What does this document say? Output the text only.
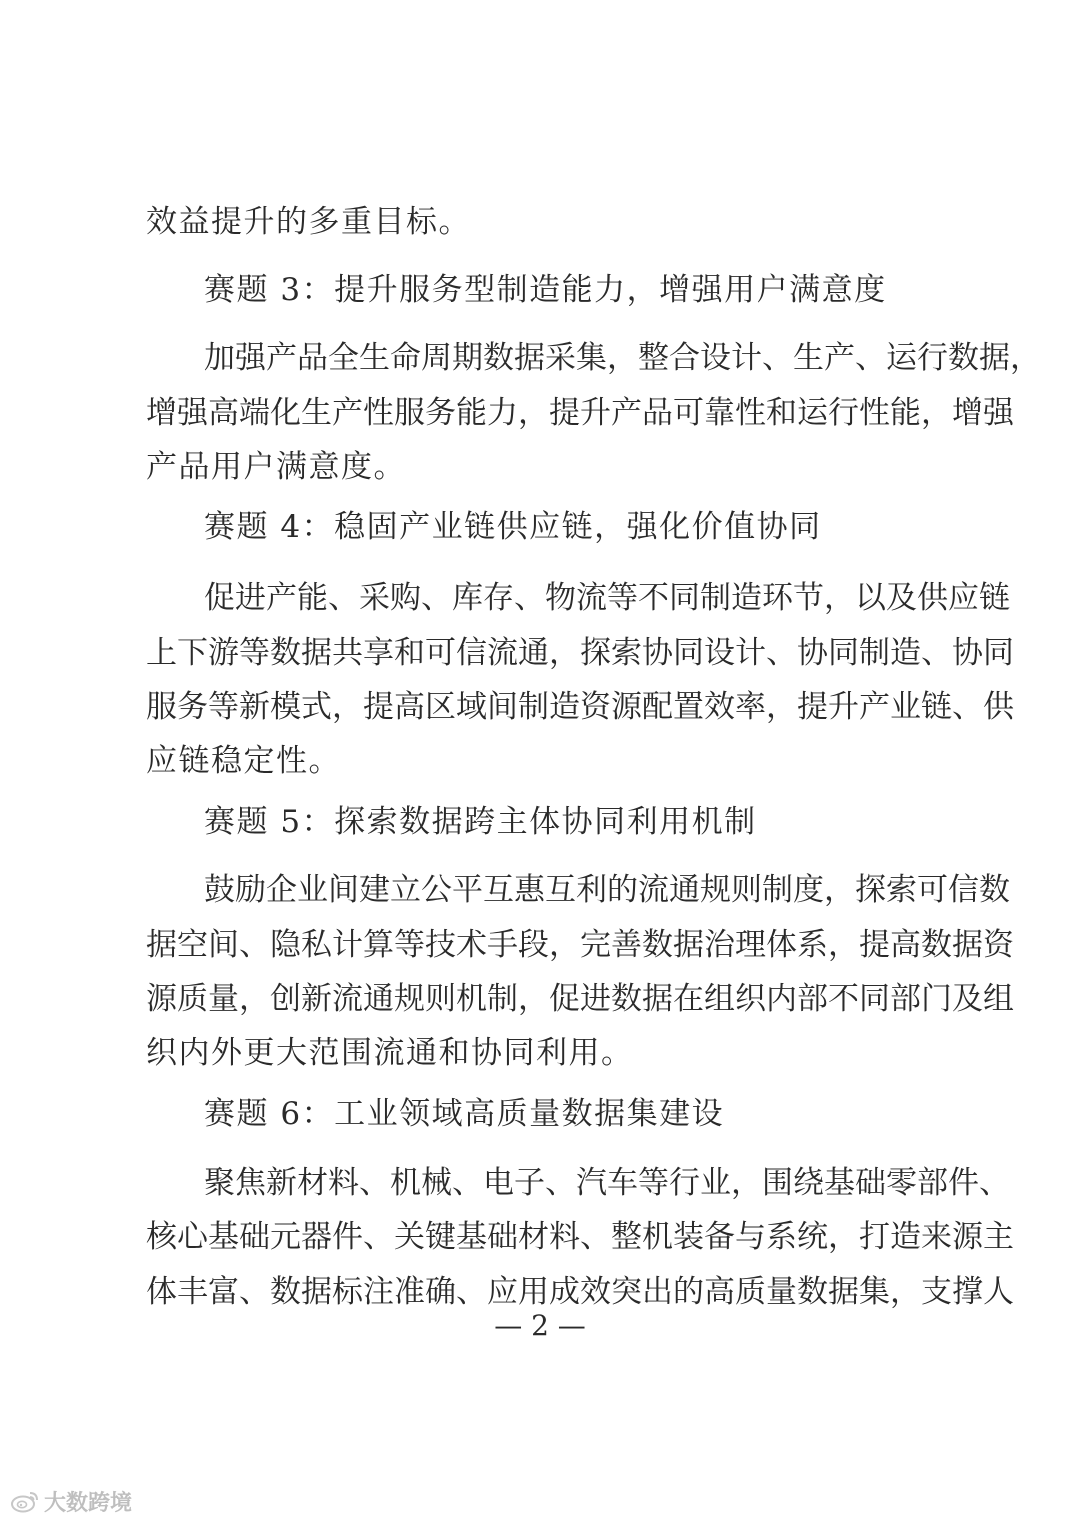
效益提升的多重目标。
赛题 3：提升服务型制造能力，增强用户满意度
加强产品全生命周期数据采集，整合设计、生产、运行数据，
增强高端化生产性服务能力，提升产品可靠性和运行性能，增强
产品用户满意度。
赛题 4：稳固产业链供应链，强化价值协同
促进产能、采购、库存、物流等不同制造环节，以及供应链
上下游等数据共享和可信流通，探索协同设计、协同制造、协同
服务等新模式，提高区域间制造资源配置效率，提升产业链、供
应链稳定性。
赛题 5：探索数据跨主体协同利用机制
鼓励企业间建立公平互惠互利的流通规则制度，探索可信数
据空间、隐私计算等技术手段，完善数据治理体系，提高数据资
源质量，创新流通规则机制，促进数据在组织内部不同部门及组
织内外更大范围流通和协同利用。
赛题 6：工业领域高质量数据集建设
聚焦新材料、机械、电子、汽车等行业，围绕基础零部件、
核心基础元器件、关键基础材料、整机装备与系统，打造来源主
体丰富、数据标注准确、应用成效突出的高质量数据集，支撑人
— 2 —
大数跨境
